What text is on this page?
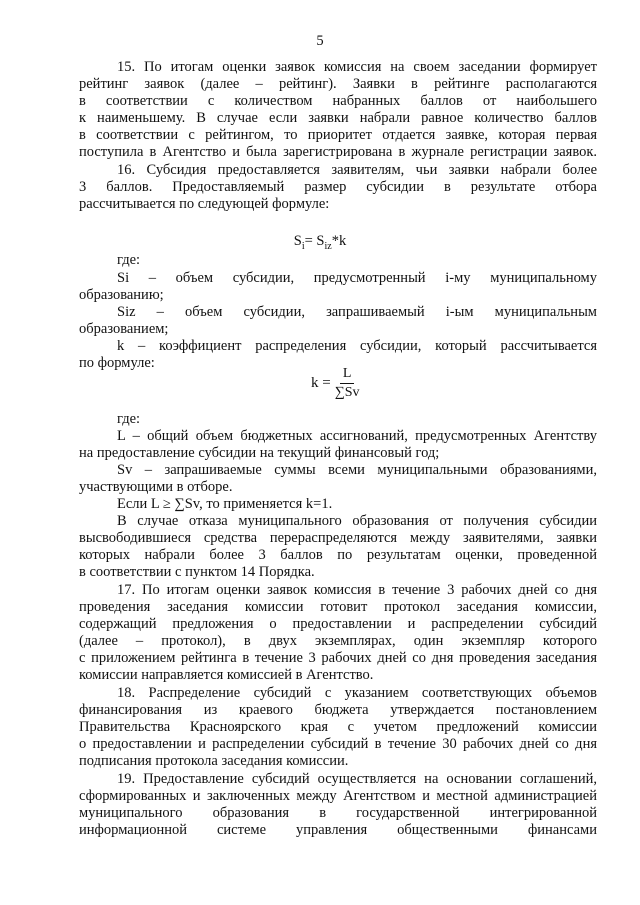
5
15. По итогам оценки заявок комиссия на своем заседании формирует
рейтинг заявок (далее – рейтинг). Заявки в рейтинге располагаются
в соответствии с количеством набранных баллов от наибольшего
к наименьшему. В случае если заявки набрали равное количество баллов
в соответствии с рейтингом, то приоритет отдается заявке, которая первая
поступила в Агентство и была зарегистрирована в журнале регистрации заявок.
16. Субсидия предоставляется заявителям, чьи заявки набрали более
3 баллов. Предоставляемый размер субсидии в результате отбора
рассчитывается по следующей формуле:
$S_i= S_{iz}*k$
где:
Si – объем субсидии, предусмотренный i-му муниципальному
образованию;
Siz – объем субсидии, запрашиваемый i-ым муниципальным
образованием;
k – коэффициент распределения субсидии, который рассчитывается
по формуле:
$k = \frac{L}{\sum Sv}$
где:
L – общий объем бюджетных ассигнований, предусмотренных Агентству
на предоставление субсидии на текущий финансовый год;
Sv – запрашиваемые суммы всеми муниципальными образованиями,
участвующими в отборе.
Если L ≥ ∑Sv, то применяется k=1.
В случае отказа муниципального образования от получения субсидии
высвободившиеся средства перераспределяются между заявителями, заявки
которых набрали более 3 баллов по результатам оценки, проведенной
в соответствии с пунктом 14 Порядка.
17. По итогам оценки заявок комиссия в течение 3 рабочих дней со дня
проведения заседания комиссии готовит протокол заседания комиссии,
содержащий предложения о предоставлении и распределении субсидий
(далее – протокол), в двух экземплярах, один экземпляр которого
с приложением рейтинга в течение 3 рабочих дней со дня проведения заседания
комиссии направляется комиссией в Агентство.
18. Распределение субсидий с указанием соответствующих объемов
финансирования из краевого бюджета утверждается постановлением
Правительства Красноярского края с учетом предложений комиссии
о предоставлении и распределении субсидий в течение 30 рабочих дней со дня
подписания протокола заседания комиссии.
19. Предоставление субсидий осуществляется на основании соглашений,
сформированных и заключенных между Агентством и местной администрацией
муниципального образования в государственной интегрированной
информационной системе управления общественными финансами
